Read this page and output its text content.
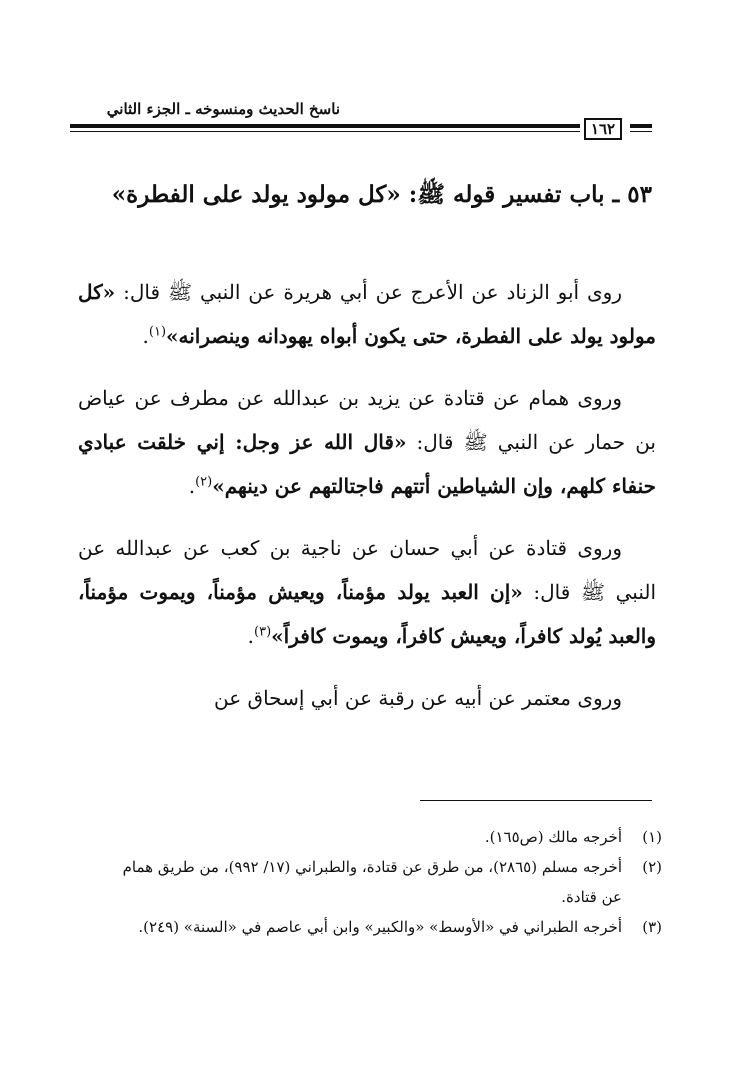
ناسخ الحديث ومنسوخه ـ الجزء الثاني
١٦٢
٥٣ ـ باب تفسير قوله ﷺ: «كل مولود يولد على الفطرة»

روى أبو الزناد عن الأعرج عن أبي هريرة عن النبي ﷺ قال: «كل مولود يولد على الفطرة، حتى يكون أبواه يهودانه وينصرانه»$^{(١)}$.

وروى همام عن قتادة عن يزيد بن عبدالله عن مطرف عن عياض بن حمار عن النبي ﷺ قال: «قال الله عز وجل: إني خلقت عبادي حنفاء كلهم، وإن الشياطين أتتهم فاجتالتهم عن دينهم»$^{(٢)}$.

وروى قتادة عن أبي حسان عن ناجية بن كعب عن عبدالله عن النبي ﷺ قال: «إن العبد يولد مؤمناً، ويعيش مؤمناً، ويموت مؤمناً، والعبد يُولد كافراً، ويعيش كافراً، ويموت كافراً»$^{(٣)}$.

وروى معتمر عن أبيه عن رقبة عن أبي إسحاق عن

(١)
أخرجه مالك (ص١٦٥).
(٢)
أخرجه مسلم (٢٨٦٥)، من طرق عن قتادة، والطبراني (١٧/ ٩٩٢)، من طريق همام عن قتادة.
(٣)
أخرجه الطبراني في «الأوسط» «والكبير» وابن أبي عاصم في «السنة» (٢٤٩).
